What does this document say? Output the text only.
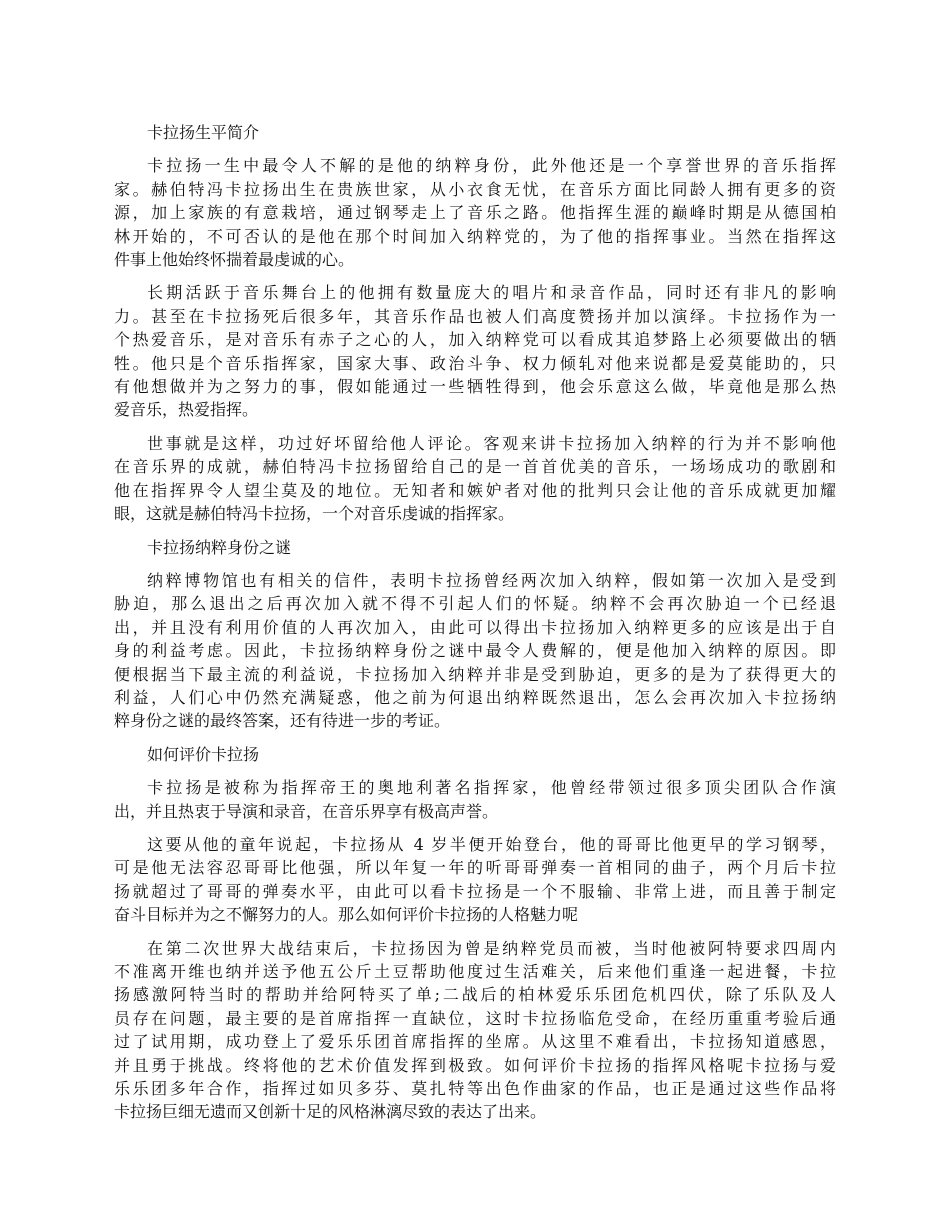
卡拉扬生平简介

卡拉扬一生中最令人不解的是他的纳粹身份，此外他还是一个享誉世界的音乐指挥
家。赫伯特冯卡拉扬出生在贵族世家，从小衣食无忧，在音乐方面比同龄人拥有更多的资
源，加上家族的有意栽培，通过钢琴走上了音乐之路。他指挥生涯的巅峰时期是从德国柏
林开始的，不可否认的是他在那个时间加入纳粹党的，为了他的指挥事业。当然在指挥这
件事上他始终怀揣着最虔诚的心。

长期活跃于音乐舞台上的他拥有数量庞大的唱片和录音作品，同时还有非凡的影响
力。甚至在卡拉扬死后很多年，其音乐作品也被人们高度赞扬并加以演绎。卡拉扬作为一
个热爱音乐，是对音乐有赤子之心的人，加入纳粹党可以看成其追梦路上必须要做出的牺
牲。他只是个音乐指挥家，国家大事、政治斗争、权力倾轧对他来说都是爱莫能助的，只
有他想做并为之努力的事，假如能通过一些牺牲得到，他会乐意这么做，毕竟他是那么热
爱音乐，热爱指挥。

世事就是这样，功过好坏留给他人评论。客观来讲卡拉扬加入纳粹的行为并不影响他
在音乐界的成就，赫伯特冯卡拉扬留给自己的是一首首优美的音乐，一场场成功的歌剧和
他在指挥界令人望尘莫及的地位。无知者和嫉妒者对他的批判只会让他的音乐成就更加耀
眼，这就是赫伯特冯卡拉扬，一个对音乐虔诚的指挥家。

卡拉扬纳粹身份之谜

纳粹博物馆也有相关的信件，表明卡拉扬曾经两次加入纳粹，假如第一次加入是受到
胁迫，那么退出之后再次加入就不得不引起人们的怀疑。纳粹不会再次胁迫一个已经退
出，并且没有利用价值的人再次加入，由此可以得出卡拉扬加入纳粹更多的应该是出于自
身的利益考虑。因此，卡拉扬纳粹身份之谜中最令人费解的，便是他加入纳粹的原因。即
便根据当下最主流的利益说，卡拉扬加入纳粹并非是受到胁迫，更多的是为了获得更大的
利益，人们心中仍然充满疑惑，他之前为何退出纳粹既然退出，怎么会再次加入卡拉扬纳
粹身份之谜的最终答案，还有待进一步的考证。

如何评价卡拉扬

卡拉扬是被称为指挥帝王的奥地利著名指挥家，他曾经带领过很多顶尖团队合作演
出，并且热衷于导演和录音，在音乐界享有极高声誉。

这要从他的童年说起，卡拉扬从 4 岁半便开始登台，他的哥哥比他更早的学习钢琴，
可是他无法容忍哥哥比他强，所以年复一年的听哥哥弹奏一首相同的曲子，两个月后卡拉
扬就超过了哥哥的弹奏水平，由此可以看卡拉扬是一个不服输、非常上进，而且善于制定
奋斗目标并为之不懈努力的人。那么如何评价卡拉扬的人格魅力呢

在第二次世界大战结束后，卡拉扬因为曾是纳粹党员而被，当时他被阿特要求四周内
不准离开维也纳并送予他五公斤土豆帮助他度过生活难关，后来他们重逢一起进餐，卡拉
扬感激阿特当时的帮助并给阿特买了单;二战后的柏林爱乐乐团危机四伏，除了乐队及人
员存在问题，最主要的是首席指挥一直缺位，这时卡拉扬临危受命，在经历重重考验后通
过了试用期，成功登上了爱乐乐团首席指挥的坐席。从这里不难看出，卡拉扬知道感恩，
并且勇于挑战。终将他的艺术价值发挥到极致。如何评价卡拉扬的指挥风格呢卡拉扬与爱
乐乐团多年合作，指挥过如贝多芬、莫扎特等出色作曲家的作品，也正是通过这些作品将
卡拉扬巨细无遗而又创新十足的风格淋漓尽致的表达了出来。
